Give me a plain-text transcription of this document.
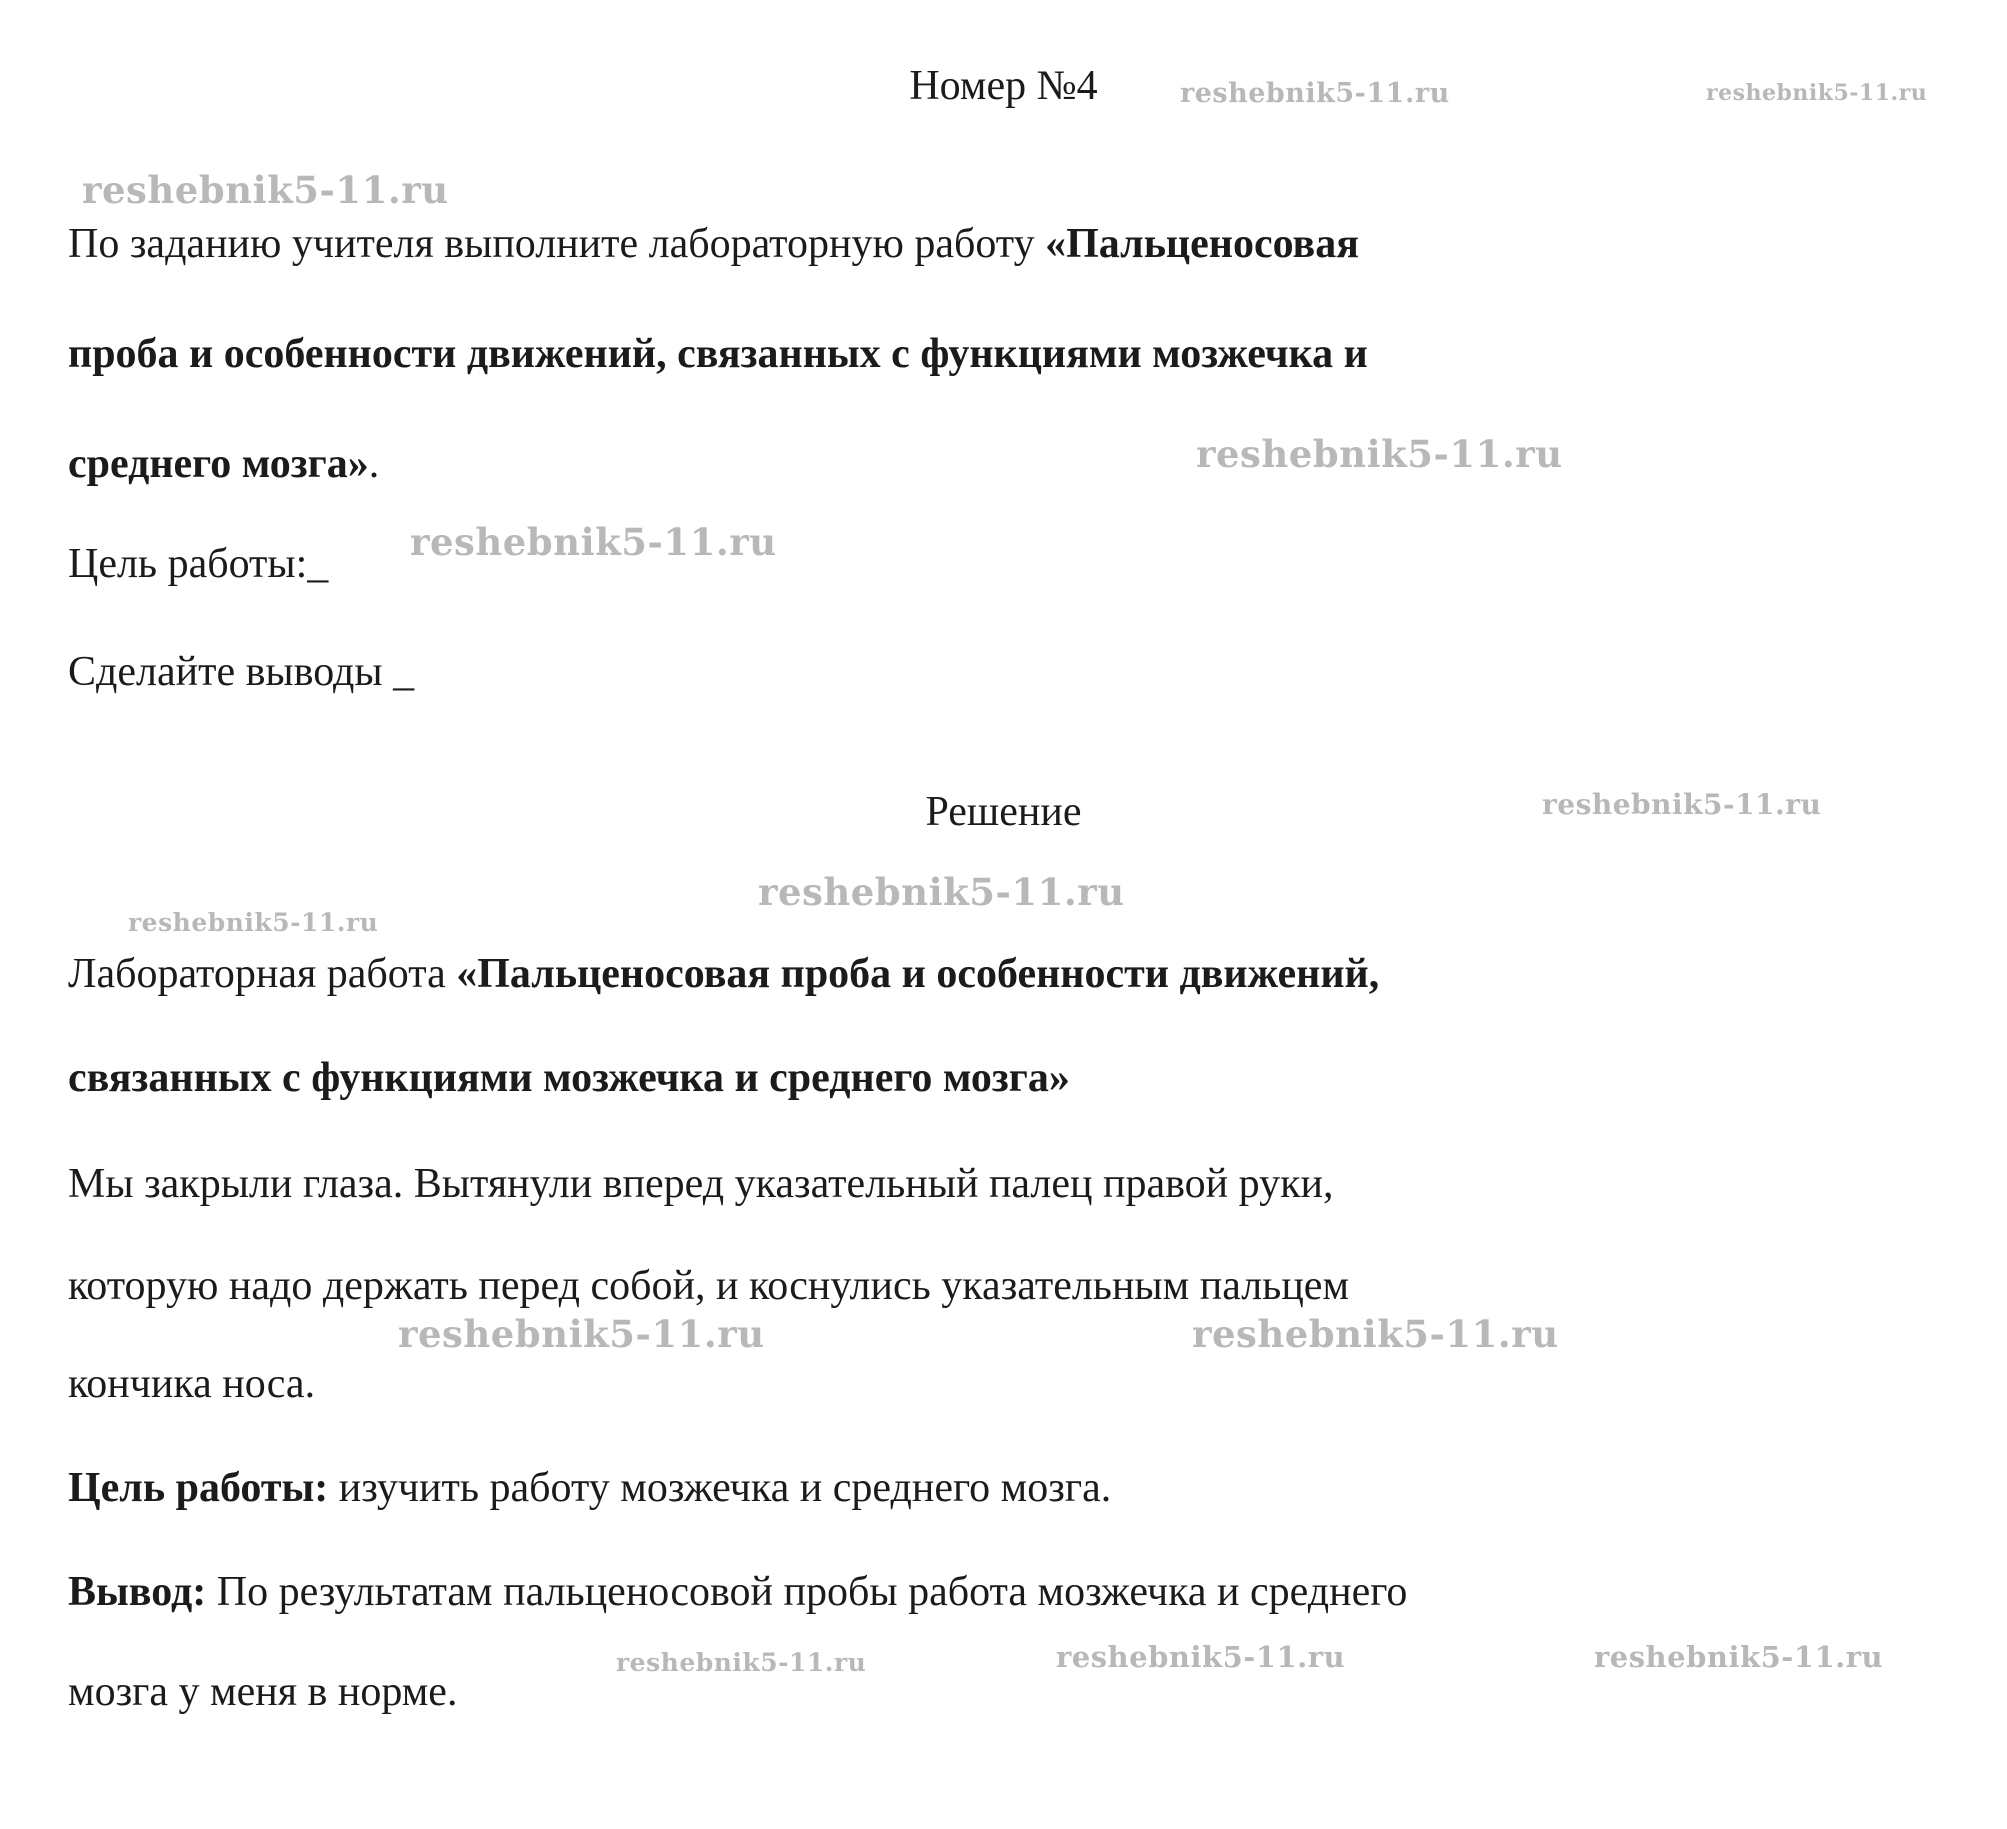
Номер №4
По заданию учителя выполните лабораторную работу «Пальценосовая
проба и особенности движений, связанных с функциями мозжечка и
среднего мозга».
Цель работы:_
Сделайте выводы _
Решение
Лабораторная работа «Пальценосовая проба и особенности движений,
связанных с функциями мозжечка и среднего мозга»
Мы закрыли глаза. Вытянули вперед указательный палец правой руки,
которую надо держать перед собой, и коснулись указательным пальцем
кончика носа.
Цель работы: изучить работу мозжечка и среднего мозга.
Вывод: По результатам пальценосовой пробы работа мозжечка и среднего
мозга у меня в норме.
reshebnik5-11.ru	reshebnik5-11.ru
reshebnik5-11.ru
reshebnik5-11.ru
reshebnik5-11.ru
reshebnik5-11.ru
reshebnik5-11.ru
reshebnik5-11.ru
reshebnik5-11.ru	reshebnik5-11.ru
reshebnik5-11.ru	reshebnik5-11.ru	reshebnik5-11.ru
